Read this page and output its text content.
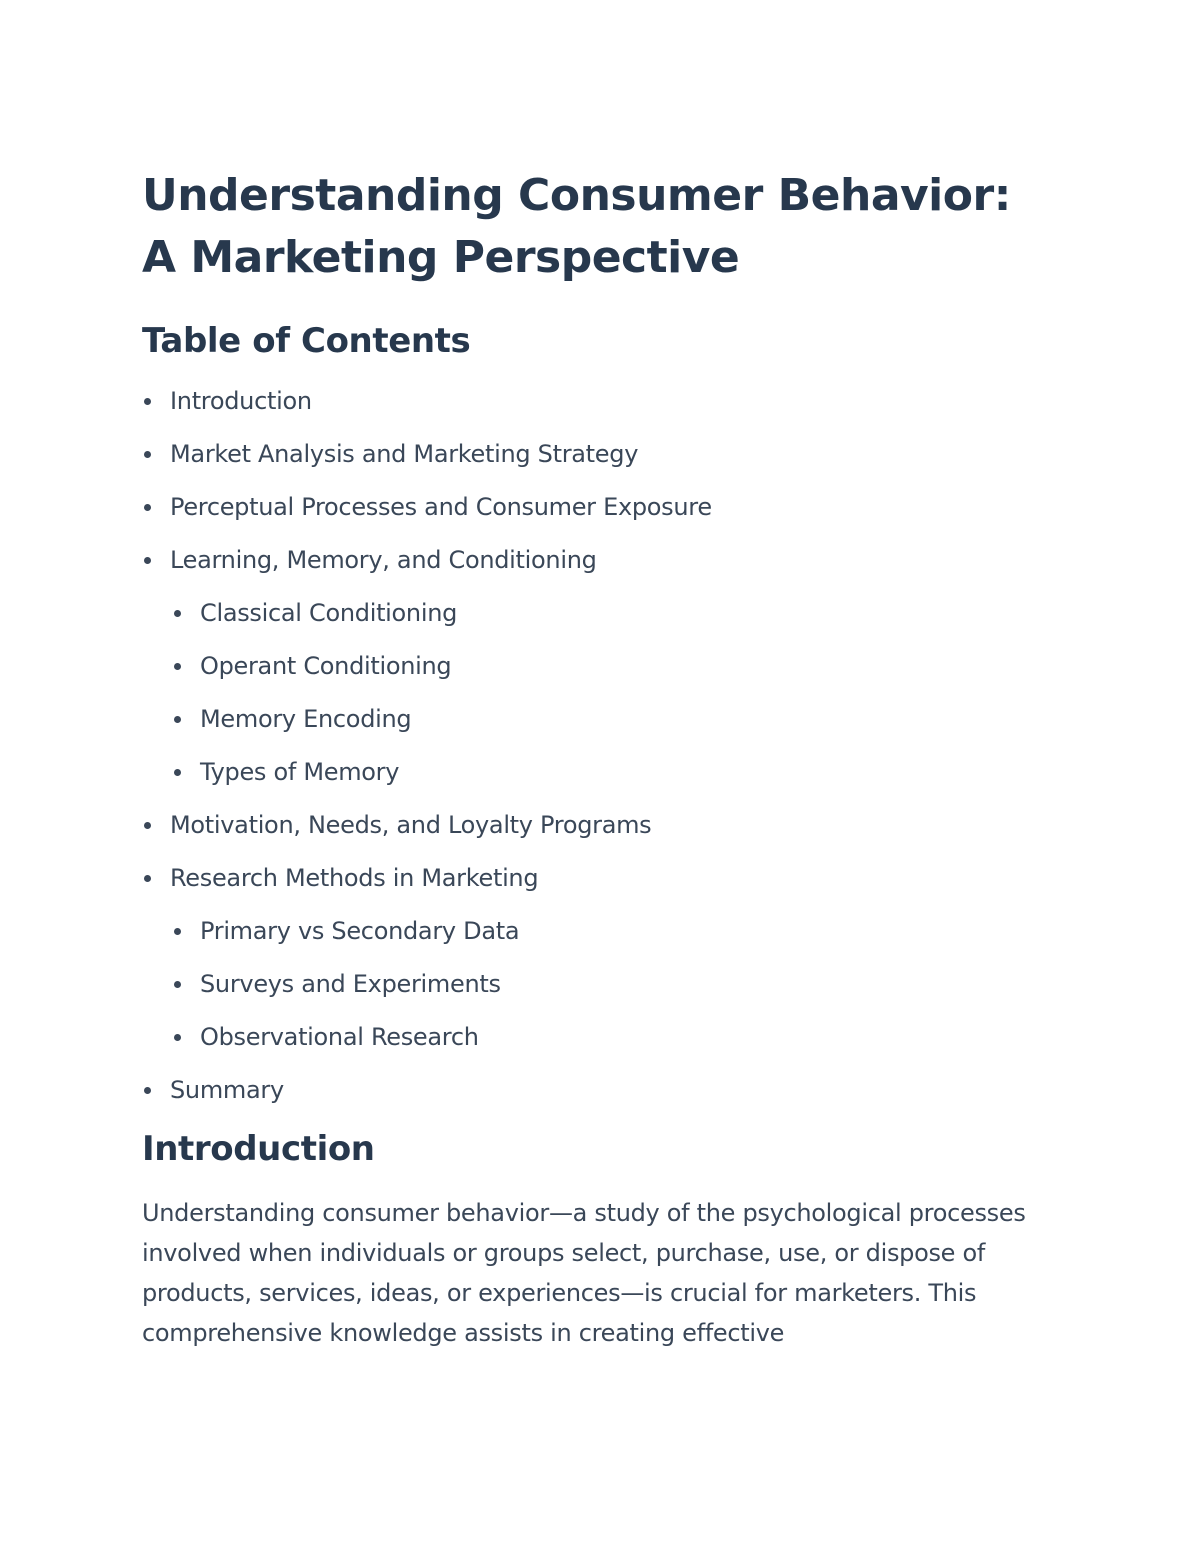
Understanding Consumer Behavior: A Marketing Perspective
Table of Contents
Introduction
Market Analysis and Marketing Strategy
Perceptual Processes and Consumer Exposure
Learning, Memory, and Conditioning
Classical Conditioning
Operant Conditioning
Memory Encoding
Types of Memory
Motivation, Needs, and Loyalty Programs
Research Methods in Marketing
Primary vs Secondary Data
Surveys and Experiments
Observational Research
Summary
Introduction

Understanding consumer behavior—a study of the psychological processes involved when individuals or groups select, purchase, use, or dispose of products, services, ideas, or experiences—is crucial for marketers. This comprehensive knowledge assists in creating effective
